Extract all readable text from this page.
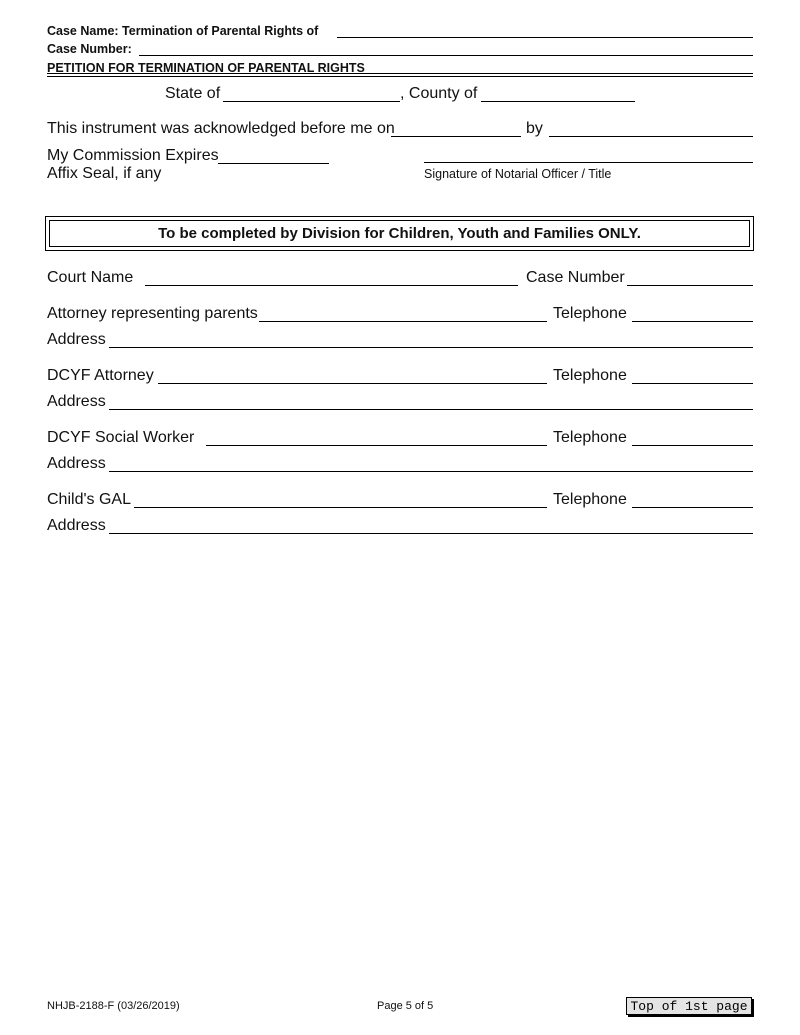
Case Name: Termination of Parental Rights of
Case Number:
PETITION FOR TERMINATION OF PARENTAL RIGHTS
State of	, County of
This instrument was acknowledged before me on	by
My Commission Expires
Affix Seal, if any	Signature of Notarial Officer / Title
To be completed by Division for Children, Youth and Families ONLY.
Court Name	Case Number
Attorney representing parents	Telephone
Address
DCYF Attorney	Telephone
Address
DCYF Social Worker	Telephone
Address
Child's GAL	Telephone
Address
NHJB-2188-F (03/26/2019)	Page 5 of 5	Top of 1st page
